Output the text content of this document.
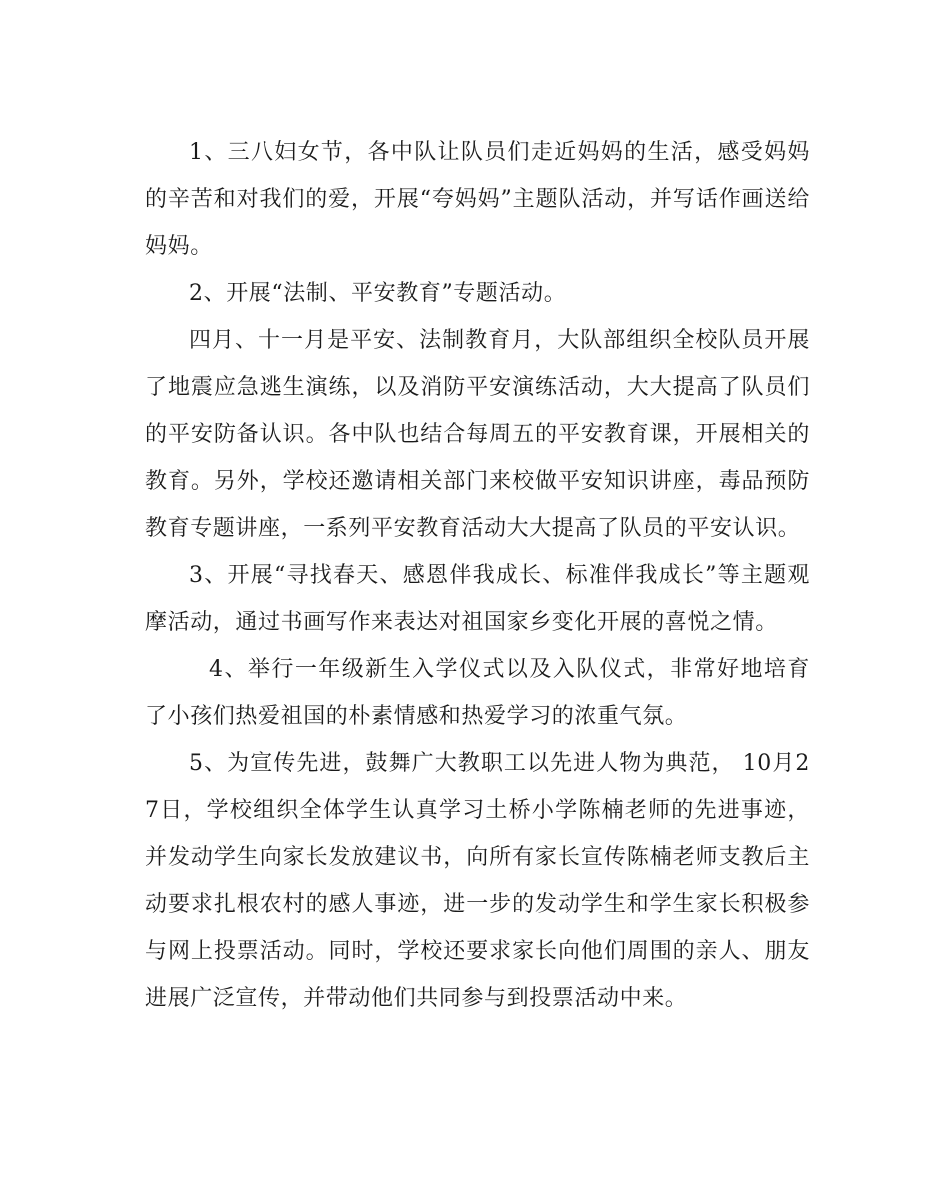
1、三八妇女节，各中队让队员们走近妈妈的生活，感受妈妈的辛苦和对我们的爱，开展“夸妈妈”主题队活动，并写话作画送给妈妈。

2、开展“法制、平安教育”专题活动。

四月、十一月是平安、法制教育月，大队部组织全校队员开展了地震应急逃生演练，以及消防平安演练活动，大大提高了队员们的平安防备认识。各中队也结合每周五的平安教育课，开展相关的教育。另外，学校还邀请相关部门来校做平安知识讲座，毒品预防教育专题讲座，一系列平安教育活动大大提高了队员的平安认识。

3、开展“寻找春天、感恩伴我成长、标准伴我成长”等主题观摩活动，通过书画写作来表达对祖国家乡变化开展的喜悦之情。

4、举行一年级新生入学仪式以及入队仪式，非常好地培育了小孩们热爱祖国的朴素情感和热爱学习的浓重气氛。

5、为宣传先进，鼓舞广大教职工以先进人物为典范， 10月27日，学校组织全体学生认真学习土桥小学陈楠老师的先进事迹，并发动学生向家长发放建议书，向所有家长宣传陈楠老师支教后主动要求扎根农村的感人事迹，进一步的发动学生和学生家长积极参与网上投票活动。同时，学校还要求家长向他们周围的亲人、朋友进展广泛宣传，并带动他们共同参与到投票活动中来。
